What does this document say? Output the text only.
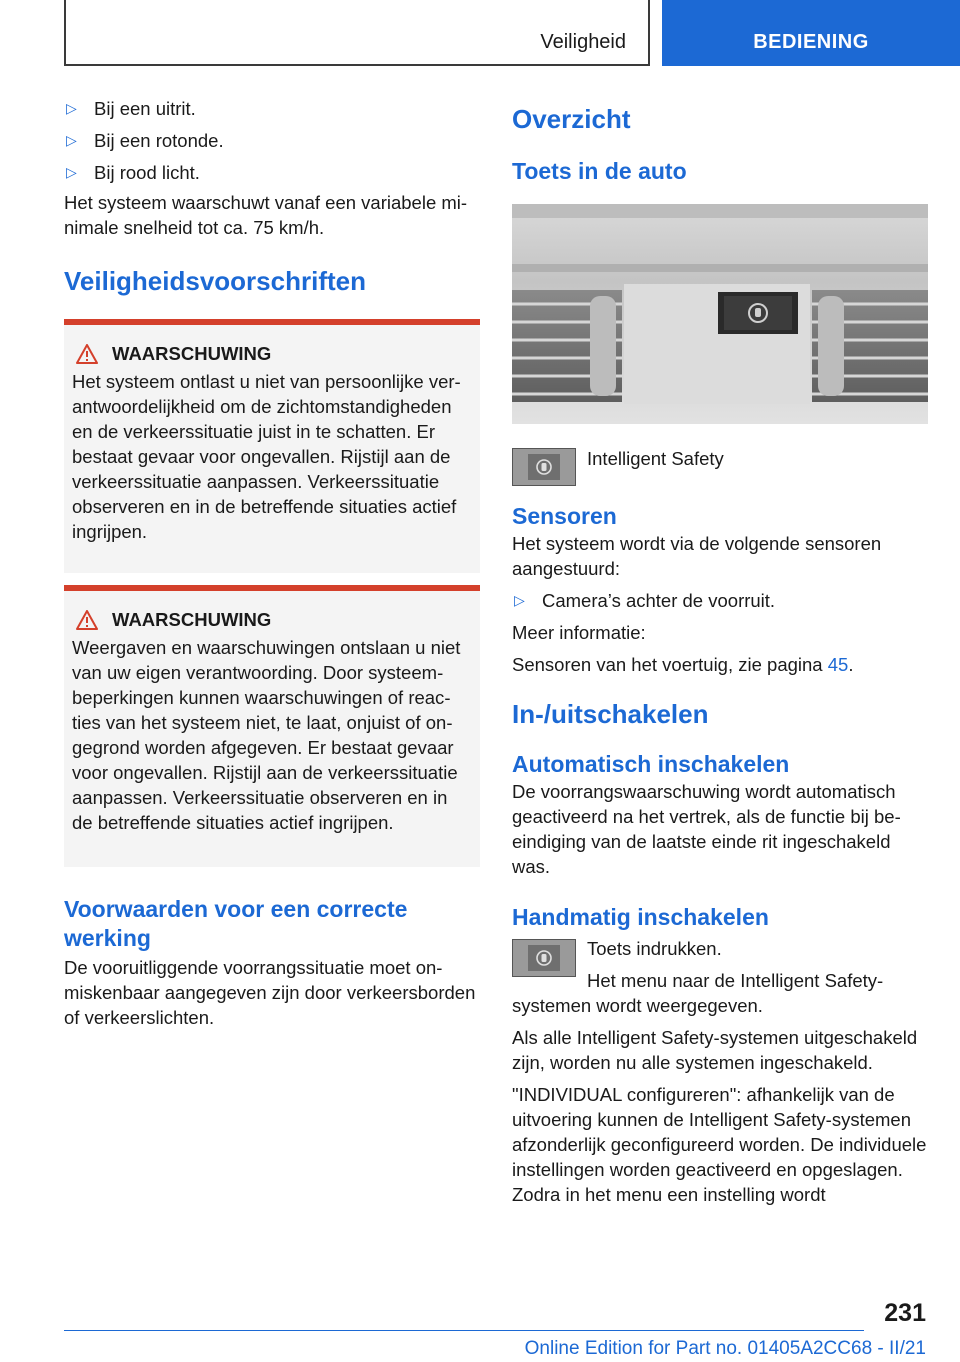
Veiligheid	BEDIENING
▷ Bij een uitrit.
▷ Bij een rotonde.
▷ Bij rood licht.

Het systeem waarschuwt vanaf een variabele minimale snelheid tot ca. 75 km/h.

Veiligheidsvoorschriften
WAARSCHUWING

Het systeem ontlast u niet van persoonlijke verantwoordelijkheid om de zichtomstandigheden en de verkeerssituatie juist in te schatten. Er bestaat gevaar voor ongevallen. Rijstijl aan de verkeerssituatie aanpassen. Verkeerssituatie observeren en in de betreffende situaties actief ingrijpen.

WAARSCHUWING

Weergaven en waarschuwingen ontslaan u niet van uw eigen verantwoording. Door systeembeperkingen kunnen waarschuwingen of reacties van het systeem niet, te laat, onjuist of ongegrond worden afgegeven. Er bestaat gevaar voor ongevallen. Rijstijl aan de verkeerssituatie aanpassen. Verkeerssituatie observeren en in de betreffende situaties actief ingrijpen.

Voorwaarden voor een correcte werking

De vooruitliggende voorrangssituatie moet onmiskenbaar aangegeven zijn door verkeersborden of verkeerslichten.

Overzicht
Toets in de auto

Intelligent Safety

Sensoren

Het systeem wordt via de volgende sensoren aangestuurd:

▷ Camera’s achter de voorruit.

Meer informatie:

Sensoren van het voertuig, zie pagina 45.

In-/uitschakelen
Automatisch inschakelen

De voorrangswaarschuwing wordt automatisch geactiveerd na het vertrek, als de functie bij beeindiging van de laatste einde rit ingeschakeld was.

Handmatig inschakelen

Toets indrukken.

Het menu naar de Intelligent Safety-systemen wordt weergegeven.

Als alle Intelligent Safety-systemen uitgeschakeld zijn, worden nu alle systemen ingeschakeld.

"INDIVIDUAL configureren": afhankelijk van de uitvoering kunnen de Intelligent Safety-systemen afzonderlijk geconfigureerd worden. De individuele instellingen worden geactiveerd en opgeslagen. Zodra in het menu een instelling wordt

231
Online Edition for Part no. 01405A2CC68 - II/21
